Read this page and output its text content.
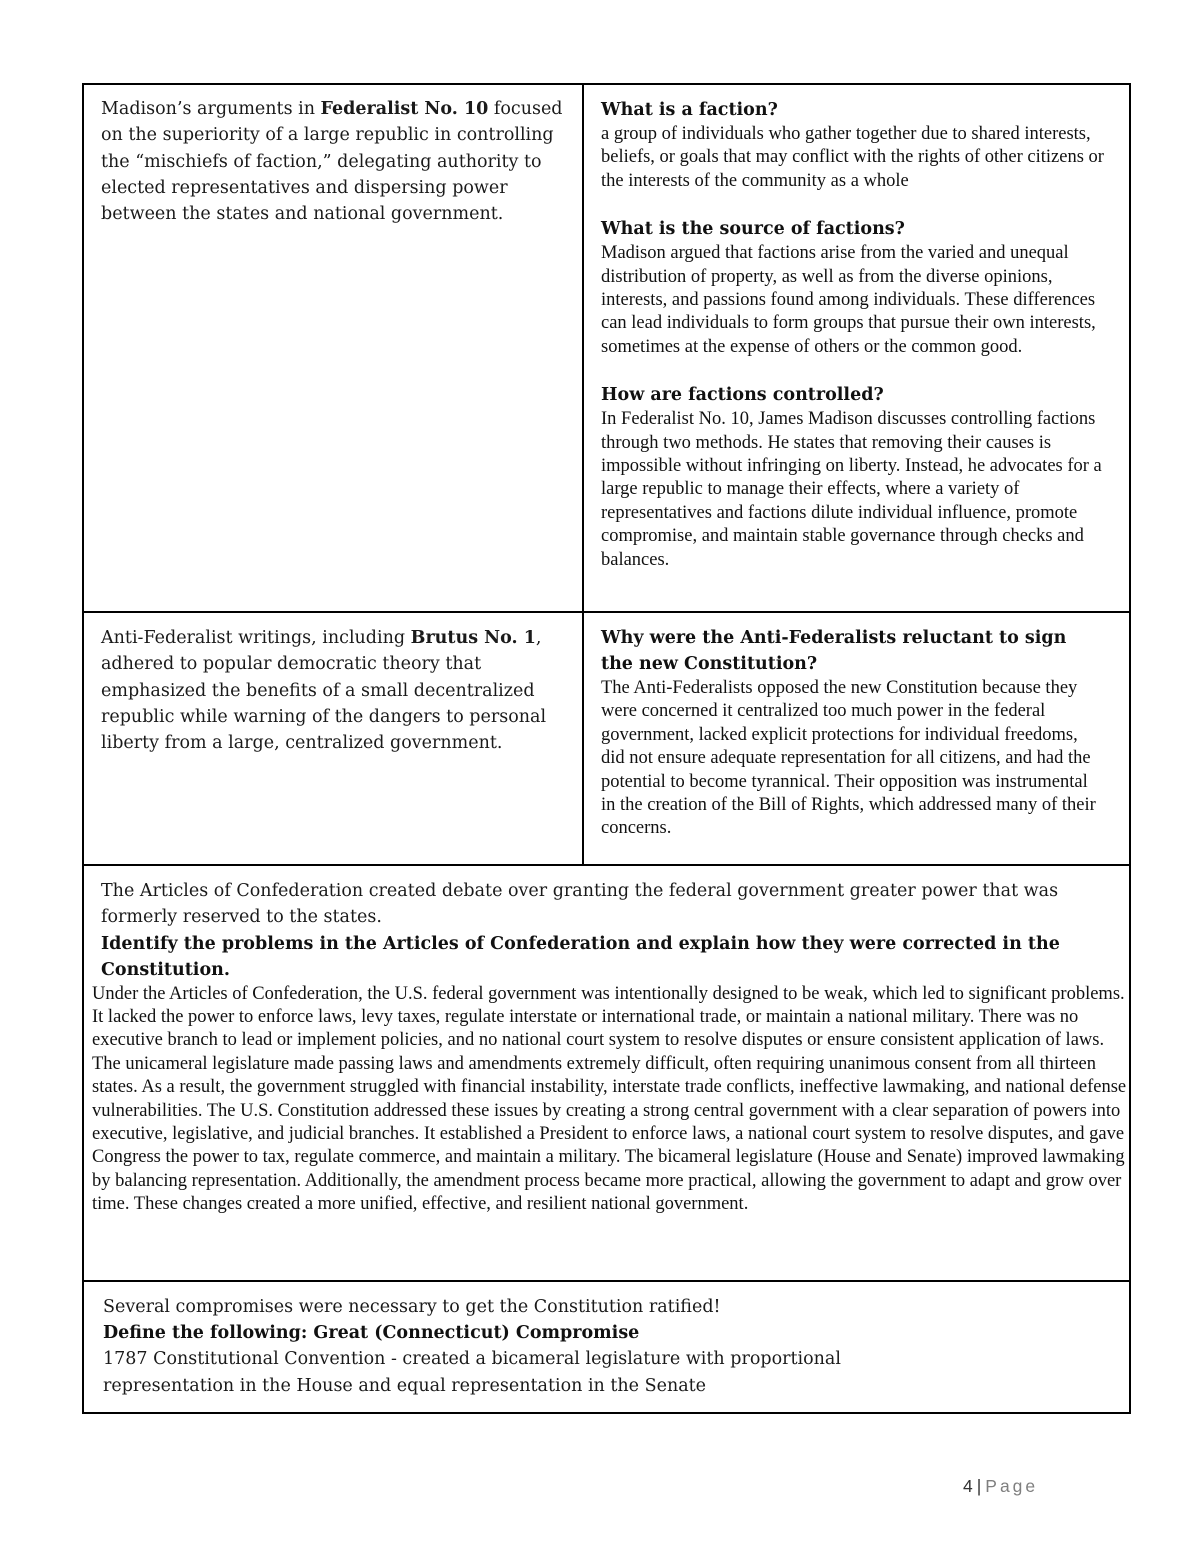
Madison’s arguments in Federalist No. 10 focused on the superiority of a large republic in controlling the “mischiefs of faction,” delegating authority to elected representatives and dispersing power between the states and national government.

What is a faction?

a group of individuals who gather together due to shared interests, beliefs, or goals that may conflict with the rights of other citizens or the interests of the community as a whole

What is the source of factions?

Madison argued that factions arise from the varied and unequal distribution of property, as well as from the diverse opinions, interests, and passions found among individuals. These differences can lead individuals to form groups that pursue their own interests, sometimes at the expense of others or the common good.

How are factions controlled?

In Federalist No. 10, James Madison discusses controlling factions through two methods. He states that removing their causes is impossible without infringing on liberty. Instead, he advocates for a large republic to manage their effects, where a variety of representatives and factions dilute individual influence, promote compromise, and maintain stable governance through checks and balances.

Anti-Federalist writings, including Brutus No. 1, adhered to popular democratic theory that emphasized the benefits of a small decentralized republic while warning of the dangers to personal liberty from a large, centralized government.

Why were the Anti-Federalists reluctant to sign the new Constitution?

The Anti-Federalists opposed the new Constitution because they were concerned it centralized too much power in the federal government, lacked explicit protections for individual freedoms, did not ensure adequate representation for all citizens, and had the potential to become tyrannical. Their opposition was instrumental in the creation of the Bill of Rights, which addressed many of their concerns.

The Articles of Confederation created debate over granting the federal government greater power that was formerly reserved to the states.

Identify the problems in the Articles of Confederation and explain how they were corrected in the Constitution.

Under the Articles of Confederation, the U.S. federal government was intentionally designed to be weak, which led to significant problems. It lacked the power to enforce laws, levy taxes, regulate interstate or international trade, or maintain a national military. There was no executive branch to lead or implement policies, and no national court system to resolve disputes or ensure consistent application of laws. The unicameral legislature made passing laws and amendments extremely difficult, often requiring unanimous consent from all thirteen states. As a result, the government struggled with financial instability, interstate trade conflicts, ineffective lawmaking, and national defense vulnerabilities. The U.S. Constitution addressed these issues by creating a strong central government with a clear separation of powers into executive, legislative, and judicial branches. It established a President to enforce laws, a national court system to resolve disputes, and gave Congress the power to tax, regulate commerce, and maintain a military. The bicameral legislature (House and Senate) improved lawmaking by balancing representation. Additionally, the amendment process became more practical, allowing the government to adapt and grow over time. These changes created a more unified, effective, and resilient national government.

Several compromises were necessary to get the Constitution ratified!

Define the following: Great (Connecticut) Compromise

1787 Constitutional Convention - created a bicameral legislature with proportional

representation in the House and equal representation in the Senate

4 | Page
